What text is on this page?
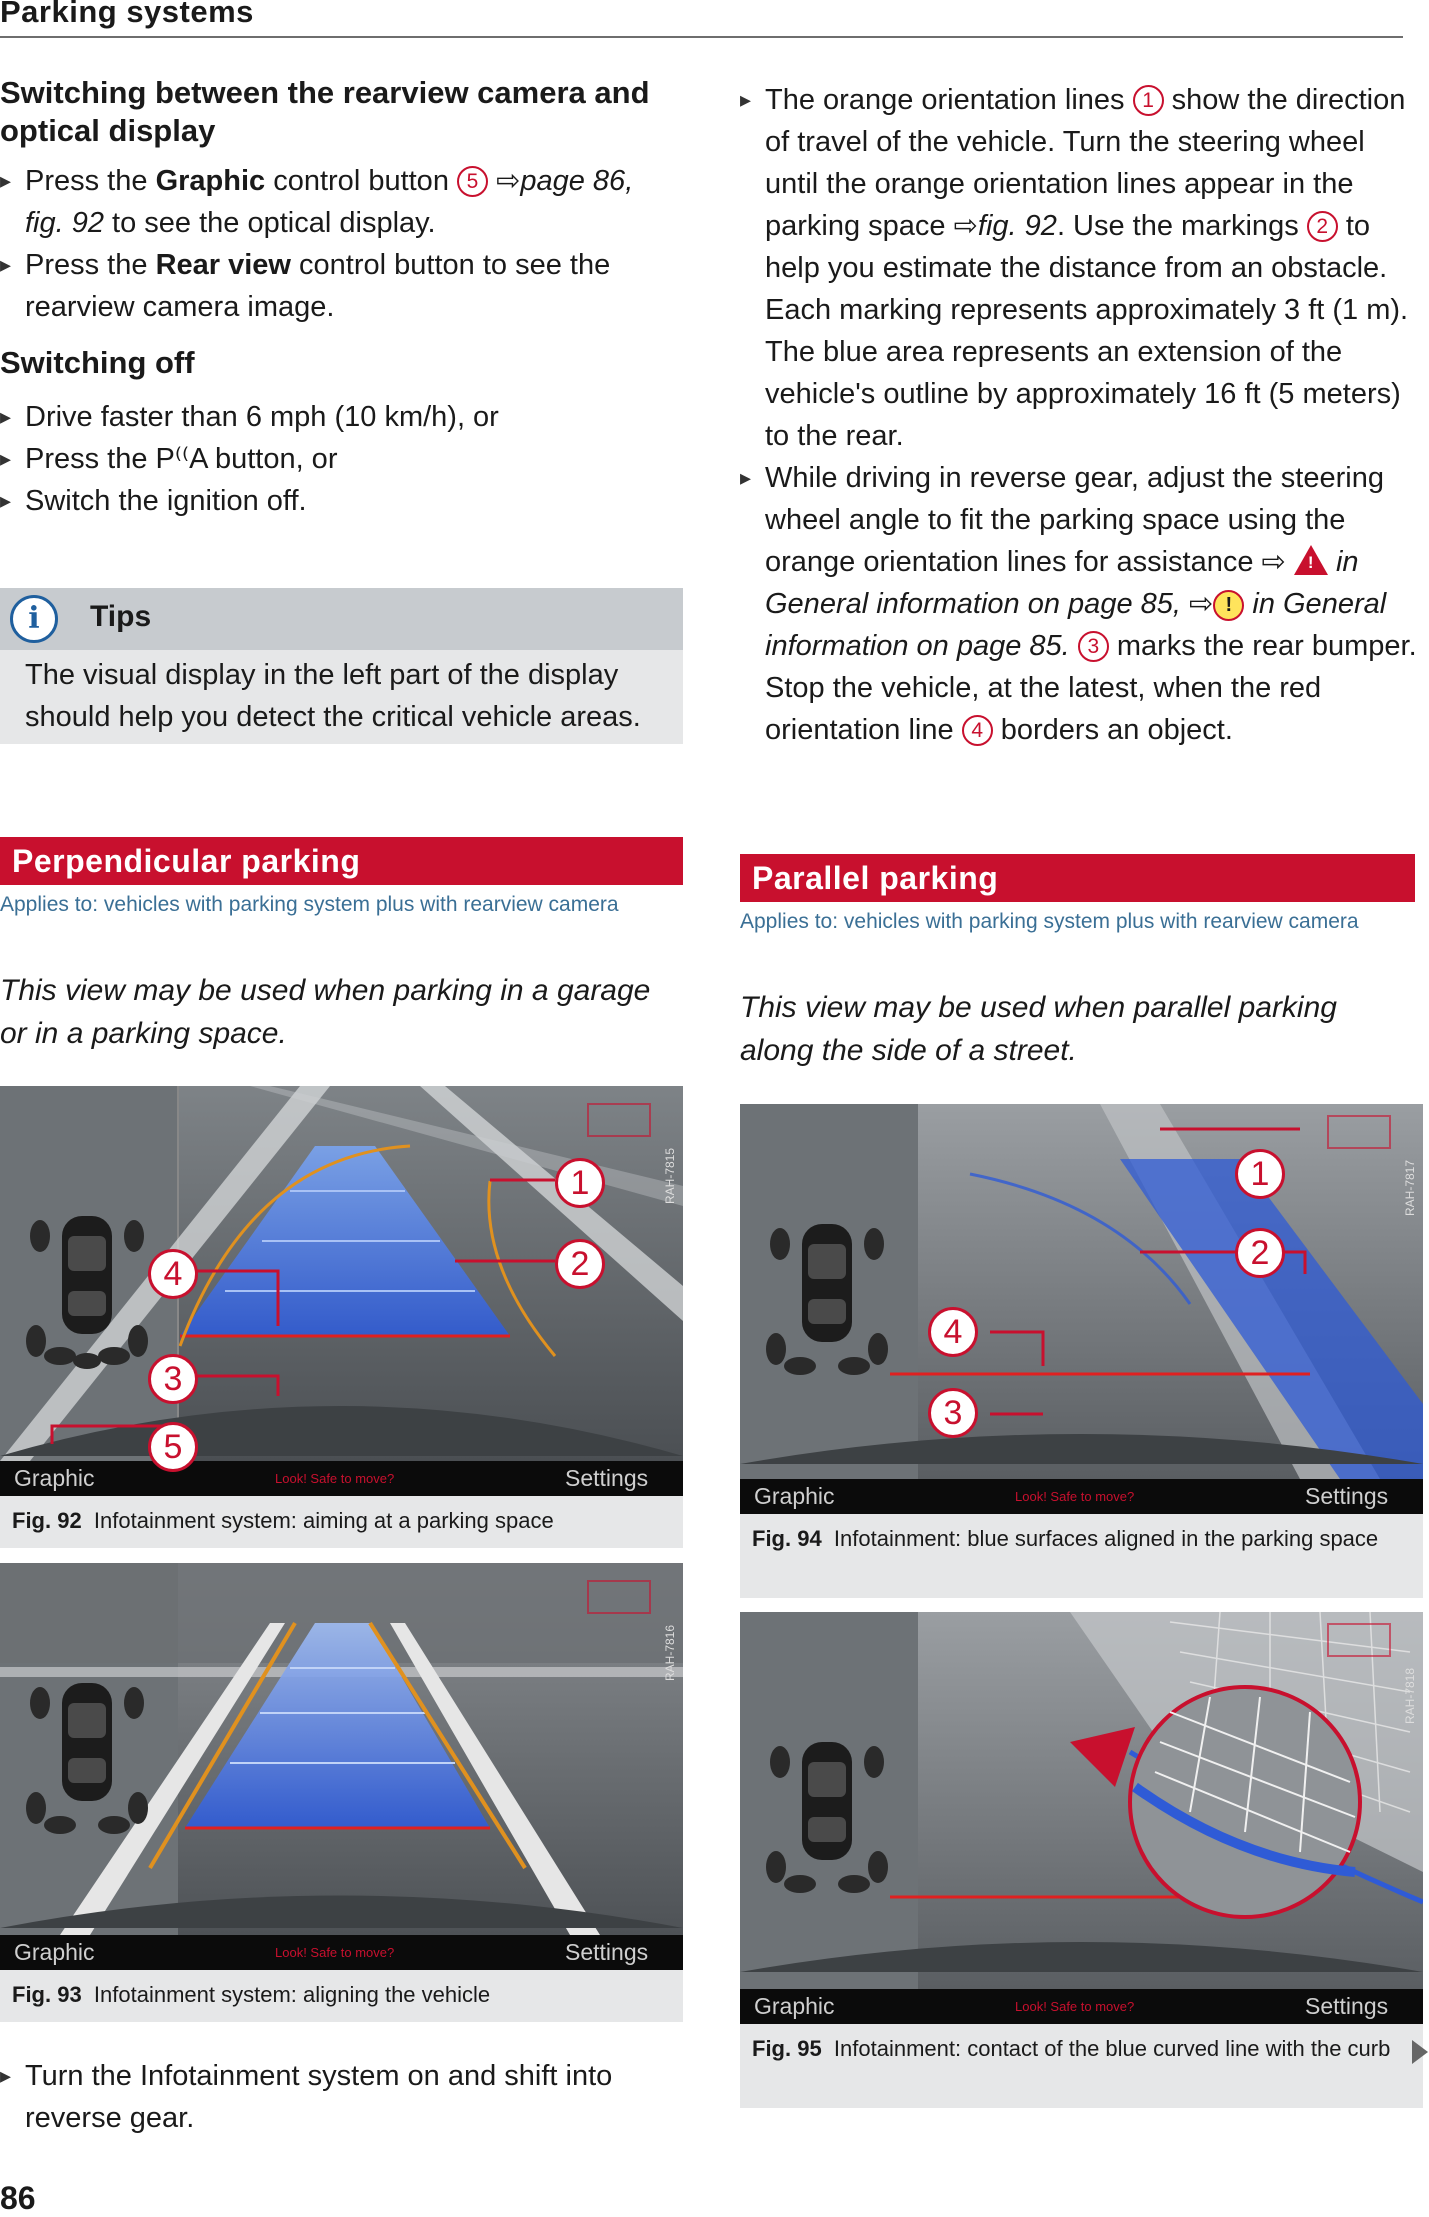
Parking systems
Switching between the rearview camera and optical display
▸ Press the Graphic control button 5 ⇨page 86, fig. 92 to see the optical display.
▸ Press the Rear view control button to see the rearview camera image.
Switching off
▸ Drive faster than 6 mph (10 km/h), or
▸ Press the P⁽⁽A button, or
▸ Switch the ignition off.
i	Tips
The visual display in the left part of the display should help you detect the critical vehicle areas.
Perpendicular parking
Applies to: vehicles with parking system plus with rearview camera
This view may be used when parking in a garage or in a parking space.
1
2
4
3
5
RAH-7815
Graphic	Look! Safe to move?	Settings
Fig. 92 Infotainment system: aiming at a parking space
RAH-7816
Graphic	Look! Safe to move?	Settings
Fig. 93 Infotainment system: aligning the vehicle
▸ Turn the Infotainment system on and shift into reverse gear.
86
▸ The orange orientation lines 1 show the direction of travel of the vehicle. Turn the steering wheel until the orange orientation lines appear in the parking space ⇨fig. 92. Use the markings 2 to help you estimate the distance from an obstacle. Each marking represents approximately 3 ft (1 m). The blue area represents an extension of the vehicle's outline by approximately 16 ft (5 meters) to the rear.
▸ While driving in reverse gear, adjust the steering wheel angle to fit the parking space using the orange orientation lines for assistance ⇨ ! in General information on page 85, ⇨ ! in General information on page 85. 3 marks the rear bumper. Stop the vehicle, at the latest, when the red orientation line 4 borders an object.
Parallel parking
Applies to: vehicles with parking system plus with rearview camera
This view may be used when parallel parking along the side of a street.
1
2
4
3
RAH-7817
Graphic	Look! Safe to move?	Settings
Fig. 94 Infotainment: blue surfaces aligned in the parking space
RAH-7818
Graphic	Look! Safe to move?	Settings
Fig. 95 Infotainment: contact of the blue curved line with the curb
